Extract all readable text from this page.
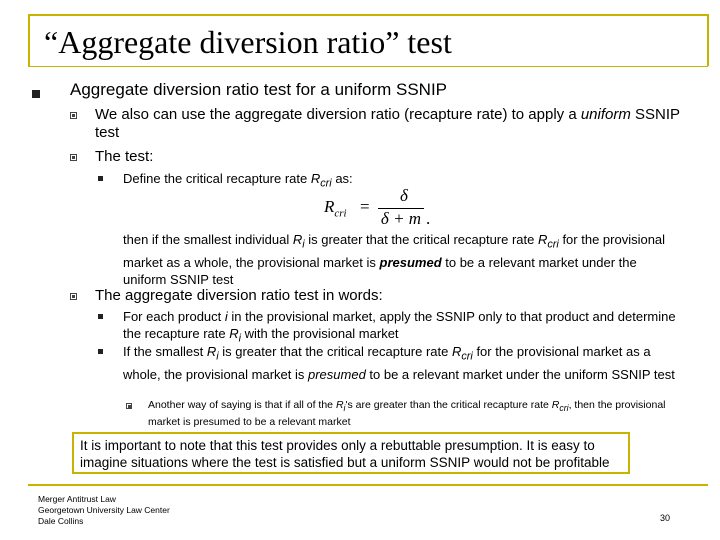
“Aggregate diversion ratio” test
Aggregate diversion ratio test for a uniform SSNIP
We also can use the aggregate diversion ratio (recapture rate) to apply a uniform SSNIP test
The test:
Define the critical recapture rate $R_{cri}$ as:
$R_{cri}$ =
δ
δ + m .
then if the smallest individual $R_i$ is greater that the critical recapture rate $R_{cri}$ for the provisional market as a whole, the provisional market is presumed to be a relevant market under the uniform SSNIP test
The aggregate diversion ratio test in words:
For each product i in the provisional market, apply the SSNIP only to that product and determine the recapture rate $R_i$ with the provisional market
If the smallest $R_i$ is greater that the critical recapture rate $R_{cri}$ for the provisional market as a whole, the provisional market is presumed to be a relevant market under the uniform SSNIP test
Another way of saying is that if all of the $R_i's$ are greater than the critical recapture rate $R_{cri}$, then the provisional market is presumed to be a relevant market
It is important to note that this test provides only a rebuttable presumption. It is easy to imagine situations where the test is satisfied but a uniform SSNIP would not be profitable
Merger Antitrust Law
Georgetown University Law Center
Dale Collins	30
